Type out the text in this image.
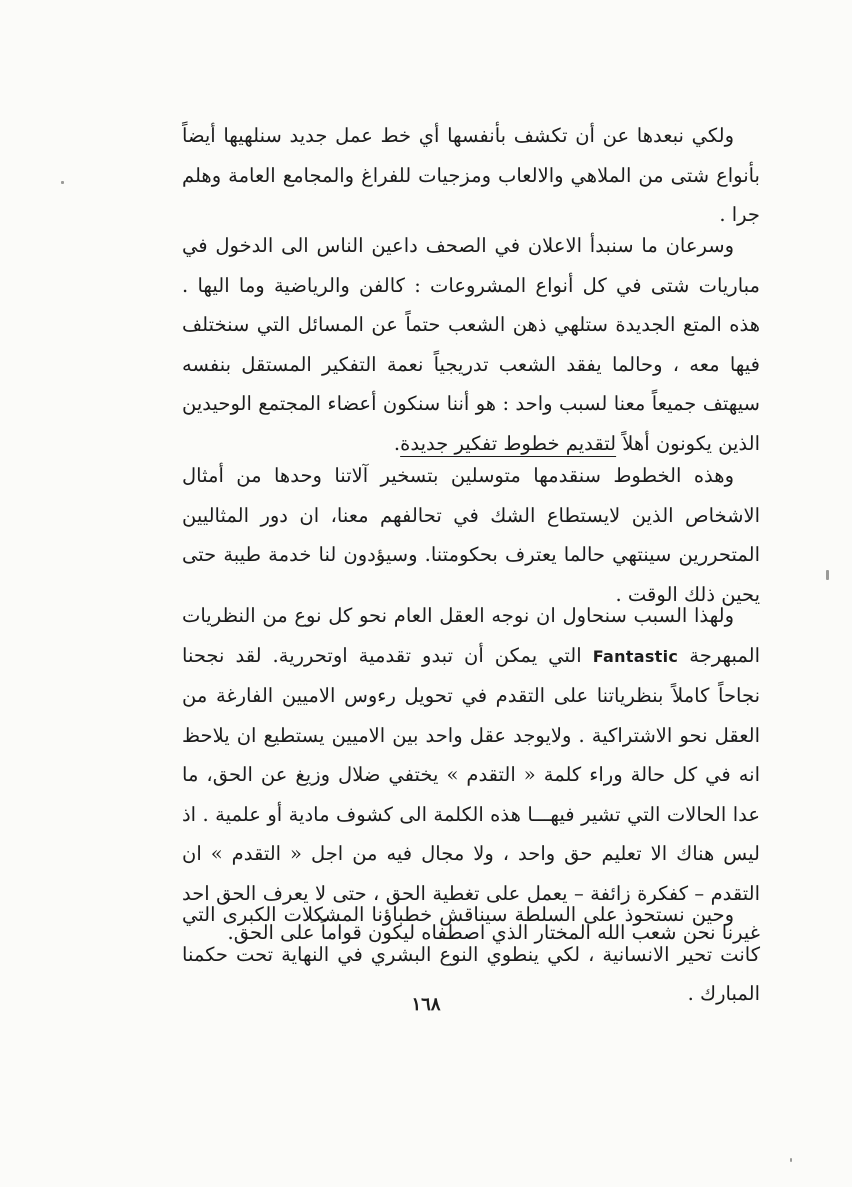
ولكي نبعدها عن أن تكشف بأنفسها أي خط عمل جديد سنلهيها أيضاً بأنواع شتى من الملاهي والالعاب ومزجيات للفراغ والمجامع العامة وهلم جرا .

وسرعان ما سنبدأ الاعلان في الصحف داعين الناس الى الدخول في مباريات شتى في كل أنواع المشروعات : كالفن والرياضية وما اليها . هذه المتع الجديدة ستلهي ذهن الشعب حتماً عن المسائل التي سنختلف فيها معه ، وحالما يفقد الشعب تدريجياً نعمة التفكير المستقل بنفسه سيهتف جميعاً معنا لسبب واحد : هو أننا سنكون أعضاء المجتمع الوحيدين الذين يكونون أهلاً لتقديم خطوط تفكير جديدة.

وهذه الخطوط سنقدمها متوسلين بتسخير آلاتنا وحدها من أمثال الاشخاص الذين لايستطاع الشك في تحالفهم معنا، ان دور المثاليين المتحررين سينتهي حالما يعترف بحكومتنا. وسيؤدون لنا خدمة طيبة حتى يحين ذلك الوقت .

ولهذا السبب سنحاول ان نوجه العقل العام نحو كل نوع من النظريات المبهرجة Fantastic التي يمكن أن تبدو تقدمية اوتحررية. لقد نجحنا نجاحاً كاملاً بنظرياتنا على التقدم في تحويل رءوس الاميين الفارغة من العقل نحو الاشتراكية . ولايوجد عقل واحد بين الاميين يستطيع ان يلاحظ انه في كل حالة وراء كلمة « التقدم » يختفي ضلال وزيغ عن الحق، ما عدا الحالات التي تشير فيهـــا هذه الكلمة الى كشوف مادية أو علمية . اذ ليس هناك الا تعليم حق واحد ، ولا مجال فيه من اجل « التقدم » ان التقدم – كفكرة زائفة – يعمل على تغطية الحق ، حتى لا يعرف الحق احد غيرنا نحن شعب الله المختار الذي اصطفاه ليكون قواماً على الحق.

وحين نستحوذ على السلطة سيناقش خطباؤنا المشكلات الكبرى التي كانت تحير الانسانية ، لكي ينطوي النوع البشري في النهاية تحت حكمنا المبارك .

١٦٨
